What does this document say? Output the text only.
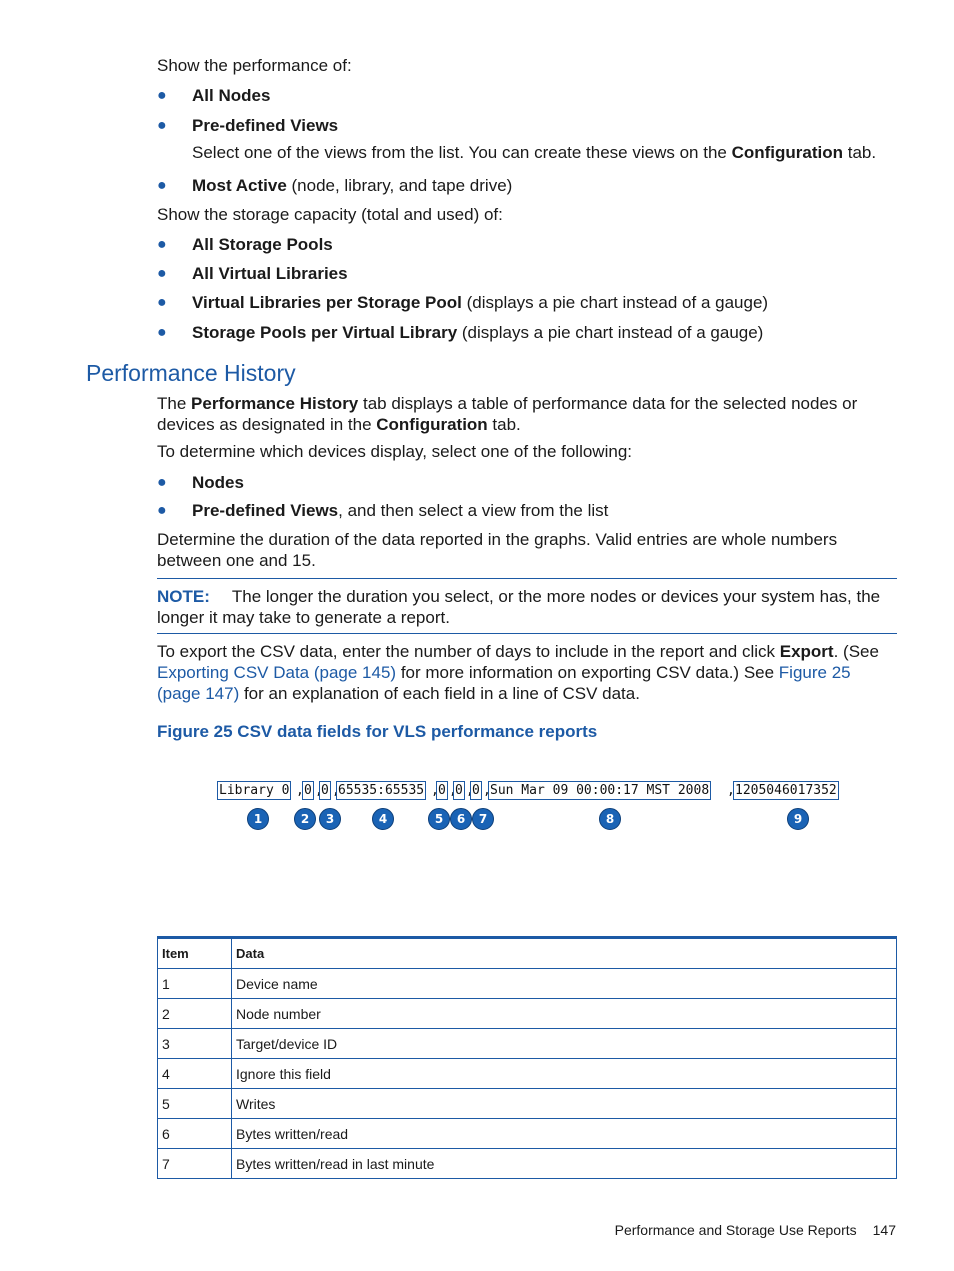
Show the performance of:
● All Nodes
● Pre-defined Views
Select one of the views from the list. You can create these views on the Configuration tab.
● Most Active (node, library, and tape drive)
Show the storage capacity (total and used) of:
● All Storage Pools
● All Virtual Libraries
● Virtual Libraries per Storage Pool (displays a pie chart instead of a gauge)
● Storage Pools per Virtual Library (displays a pie chart instead of a gauge)
Performance History
The Performance History tab displays a table of performance data for the selected nodes or devices as designated in the Configuration tab.
To determine which devices display, select one of the following:
● Nodes
● Pre-defined Views, and then select a view from the list
Determine the duration of the data reported in the graphs. Valid entries are whole numbers between one and 15.
NOTE: The longer the duration you select, or the more nodes or devices your system has, the longer it may take to generate a report.
To export the CSV data, enter the number of days to include in the report and click Export. (See Exporting CSV Data (page 145) for more information on exporting CSV data.) See Figure 25 (page 147) for an explanation of each field in a line of CSV data.
Figure 25 CSV data fields for VLS performance reports
Library 0 , 0 ,
0 ,
65535:65535 , 0 ,
0 ,
0 , Sun Mar 09 00:00:17 MST 2008 , 1205046017352
1	2	3	4	5	6	7	8	9
Item	Data
1	Device name
2	Node number
3	Target/device ID
4	Ignore this field
5	Writes
6	Bytes written/read
7	Bytes written/read in last minute
Performance and Storage Use Reports 147
